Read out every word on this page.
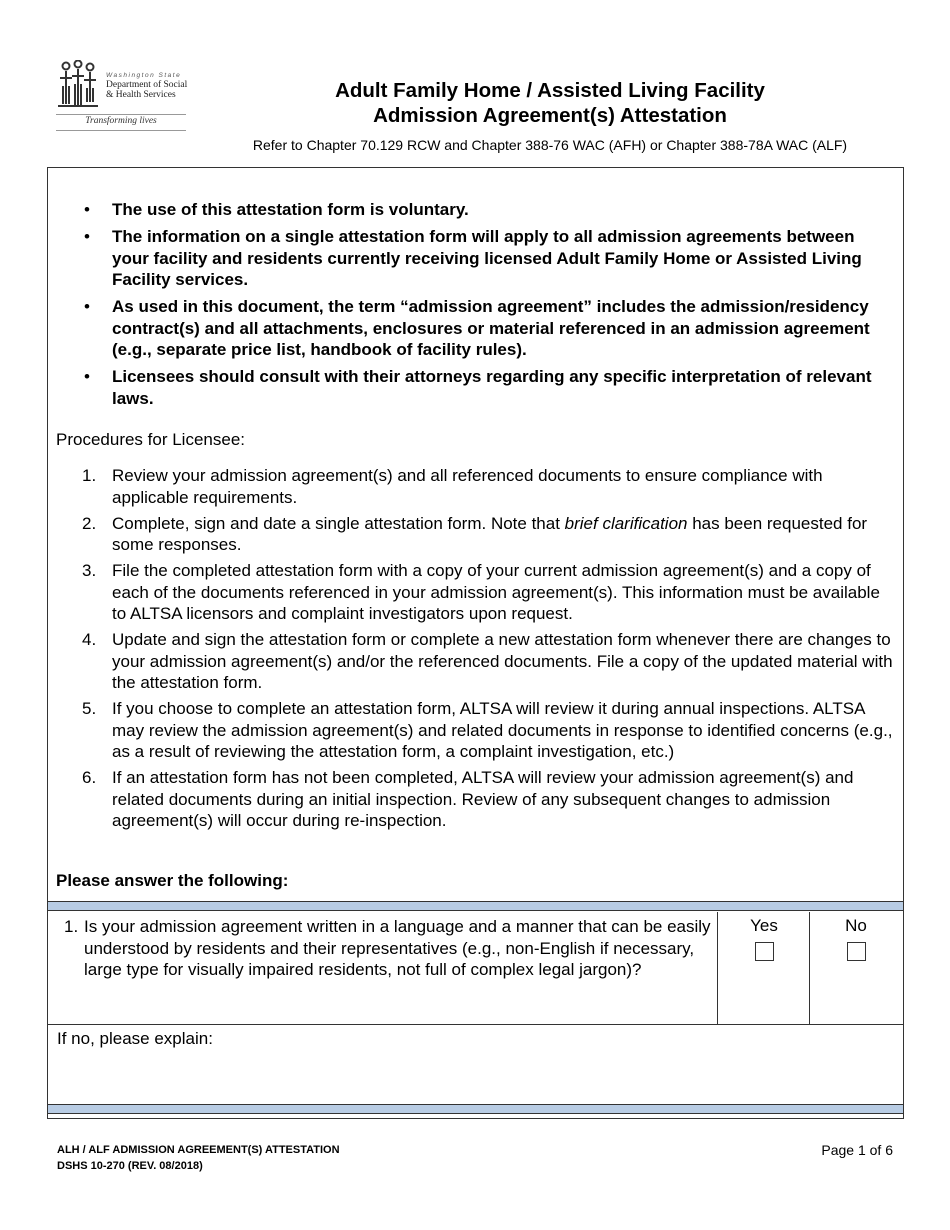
Washington State
Department of Social
& Health Services
Transforming lives
Adult Family Home / Assisted Living Facility
Admission Agreement(s) Attestation
Refer to Chapter 70.129 RCW and Chapter 388-76 WAC (AFH) or Chapter 388-78A WAC (ALF)
• The use of this attestation form is voluntary.
• The information on a single attestation form will apply to all admission agreements between your facility and residents currently receiving licensed Adult Family Home or Assisted Living Facility services.
• As used in this document, the term “admission agreement” includes the admission/residency contract(s) and all attachments, enclosures or material referenced in an admission agreement (e.g., separate price list, handbook of facility rules).
• Licensees should consult with their attorneys regarding any specific interpretation of relevant laws.
Procedures for Licensee:
1. Review your admission agreement(s) and all referenced documents to ensure compliance with applicable requirements.
2. Complete, sign and date a single attestation form. Note that brief clarification has been requested for some responses.
3. File the completed attestation form with a copy of your current admission agreement(s) and a copy of each of the documents referenced in your admission agreement(s). This information must be available to ALTSA licensors and complaint investigators upon request.
4. Update and sign the attestation form or complete a new attestation form whenever there are changes to your admission agreement(s) and/or the referenced documents. File a copy of the updated material with the attestation form.
5. If you choose to complete an attestation form, ALTSA will review it during annual inspections. ALTSA may review the admission agreement(s) and related documents in response to identified concerns (e.g., as a result of reviewing the attestation form, a complaint investigation, etc.)
6. If an attestation form has not been completed, ALTSA will review your admission agreement(s) and related documents during an initial inspection. Review of any subsequent changes to admission agreement(s) will occur during re-inspection.
Please answer the following:
1. Is your admission agreement written in a language and a manner that can be easily understood by residents and their representatives (e.g., non-English if necessary, large type for visually impaired residents, not full of complex legal jargon)?
Yes	No
If no, please explain:
ALH / ALF ADMISSION AGREEMENT(S) ATTESTATION
DSHS 10-270 (REV. 08/2018)
Page 1 of 6
